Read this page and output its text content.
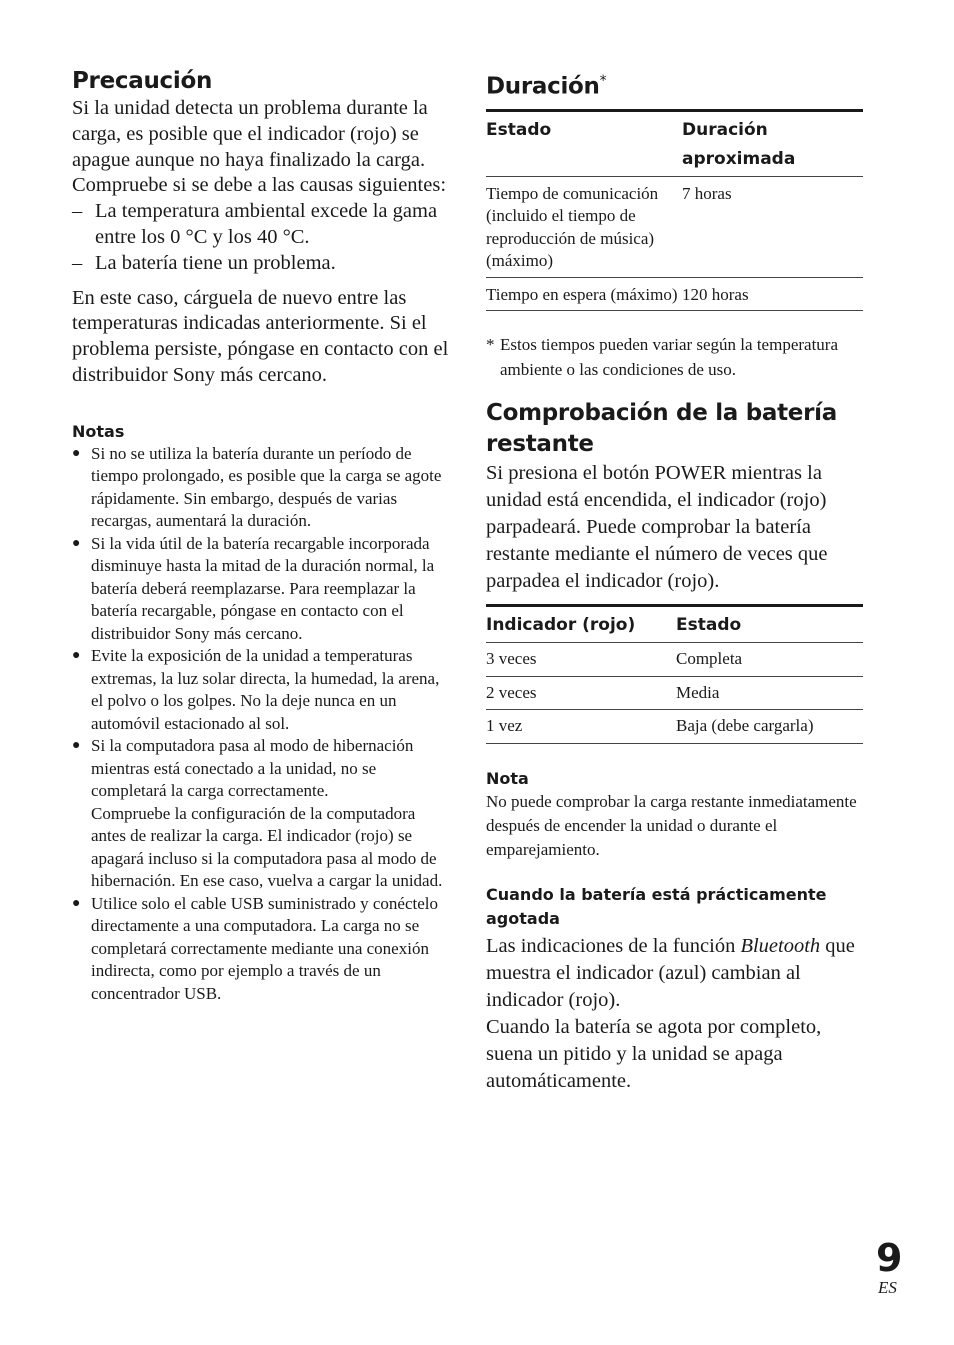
Precaución

Si la unidad detecta un problema durante la carga, es posible que el indicador (rojo) se apague aunque no haya finalizado la carga.

Compruebe si se debe a las causas siguientes:

– La temperatura ambiental excede la gama entre los 0 °C y los 40 °C.
– La batería tiene un problema.

En este caso, cárguela de nuevo entre las temperaturas indicadas anteriormente. Si el problema persiste, póngase en contacto con el distribuidor Sony más cercano.

Notas
● Si no se utiliza la batería durante un período de tiempo prolongado, es posible que la carga se agote rápidamente. Sin embargo, después de varias recargas, aumentará la duración.

● Si la vida útil de la batería recargable incorporada disminuye hasta la mitad de la duración normal, la batería deberá reemplazarse. Para reemplazar la batería recargable, póngase en contacto con el distribuidor Sony más cercano.

● Evite la exposición de la unidad a temperaturas extremas, la luz solar directa, la humedad, la arena, el polvo o los golpes. No la deje nunca en un automóvil estacionado al sol.

● Si la computadora pasa al modo de hibernación mientras está conectado a la unidad, no se completará la carga correctamente.

Compruebe la configuración de la computadora antes de realizar la carga. El indicador (rojo) se apagará incluso si la computadora pasa al modo de hibernación. En ese caso, vuelva a cargar la unidad.

● Utilice solo el cable USB suministrado y conéctelo directamente a una computadora. La carga no se completará correctamente mediante una conexión indirecta, como por ejemplo a través de un concentrador USB.

Duración*
Estado	Duración aproximada
Tiempo de comunicación (incluido el tiempo de reproducción de música) (máximo)	7 horas
Tiempo en espera (máximo)	120 horas
* Estos tiempos pueden variar según la temperatura ambiente o las condiciones de uso.
Comprobación de la batería restante

Si presiona el botón POWER mientras la unidad está encendida, el indicador (rojo) parpadeará. Puede comprobar la batería restante mediante el número de veces que parpadea el indicador (rojo).

Indicador (rojo)	Estado
3 veces	Completa
2 veces	Media
1 vez	Baja (debe cargarla)
Nota

No puede comprobar la carga restante inmediatamente después de encender la unidad o durante el emparejamiento.

Cuando la batería está prácticamente agotada

Las indicaciones de la función Bluetooth que muestra el indicador (azul) cambian al indicador (rojo).

Cuando la batería se agota por completo, suena un pitido y la unidad se apaga automáticamente.

9
ES
